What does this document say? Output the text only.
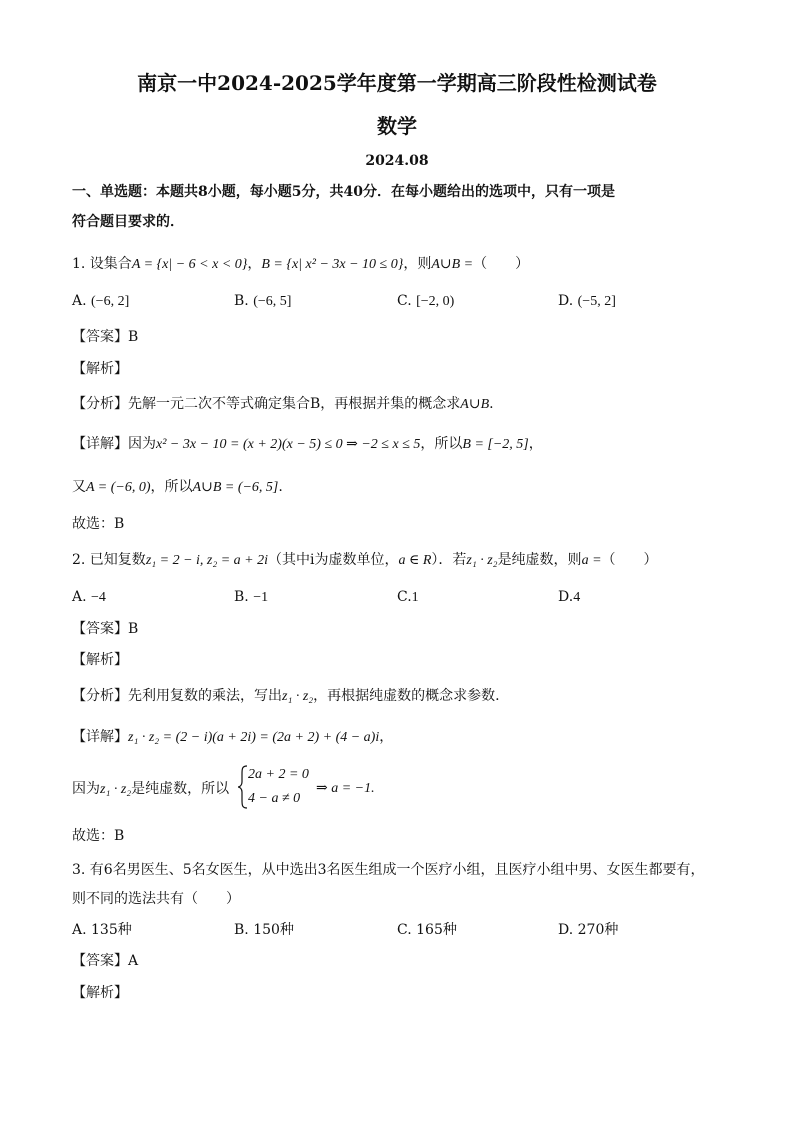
南京一中2024-2025学年度第一学期高三阶段性检测试卷
数学
2024.08
一、单选题：本题共8小题，每小题5分，共40分．在每小题给出的选项中，只有一项是
符合题目要求的．
1. 设集合A = {x| − 6 < x < 0}，B = {x| x² − 3x − 10 ≤ 0}，则A∪B =（　　）
A. (−6, 2]	B. (−6, 5]	C. [−2, 0)	D. (−5, 2]
【答案】B
【解析】
【分析】先解一元二次不等式确定集合B，再根据并集的概念求A∪B.
【详解】因为x² − 3x − 10 = (x + 2)(x − 5) ≤ 0 ⇒ −2 ≤ x ≤ 5，所以B = [−2, 5]，
又A = (−6, 0)，所以A∪B = (−6, 5].
故选：B
2. 已知复数z₁ = 2 − i, z₂ = a + 2i（其中i为虚数单位，a ∈ R）．若z₁ · z₂是纯虚数，则a =（　　）
A. −4	B. −1	C.1	D.4
【答案】B
【解析】
【分析】先利用复数的乘法，写出z₁ · z₂，再根据纯虚数的概念求参数.
【详解】z₁ · z₂ = (2 − i)(a + 2i) = (2a + 2) + (4 − a)i，
因为z₁ · z₂是纯虚数，所以
2a + 2 = 0
4 − a ≠ 0
⇒ a = −1.
故选：B
3. 有6名男医生、5名女医生，从中选出3名医生组成一个医疗小组，且医疗小组中男、女医生都要有，
则不同的选法共有（　　）
A. 135种	B. 150种	C. 165种	D. 270种
【答案】A
【解析】
